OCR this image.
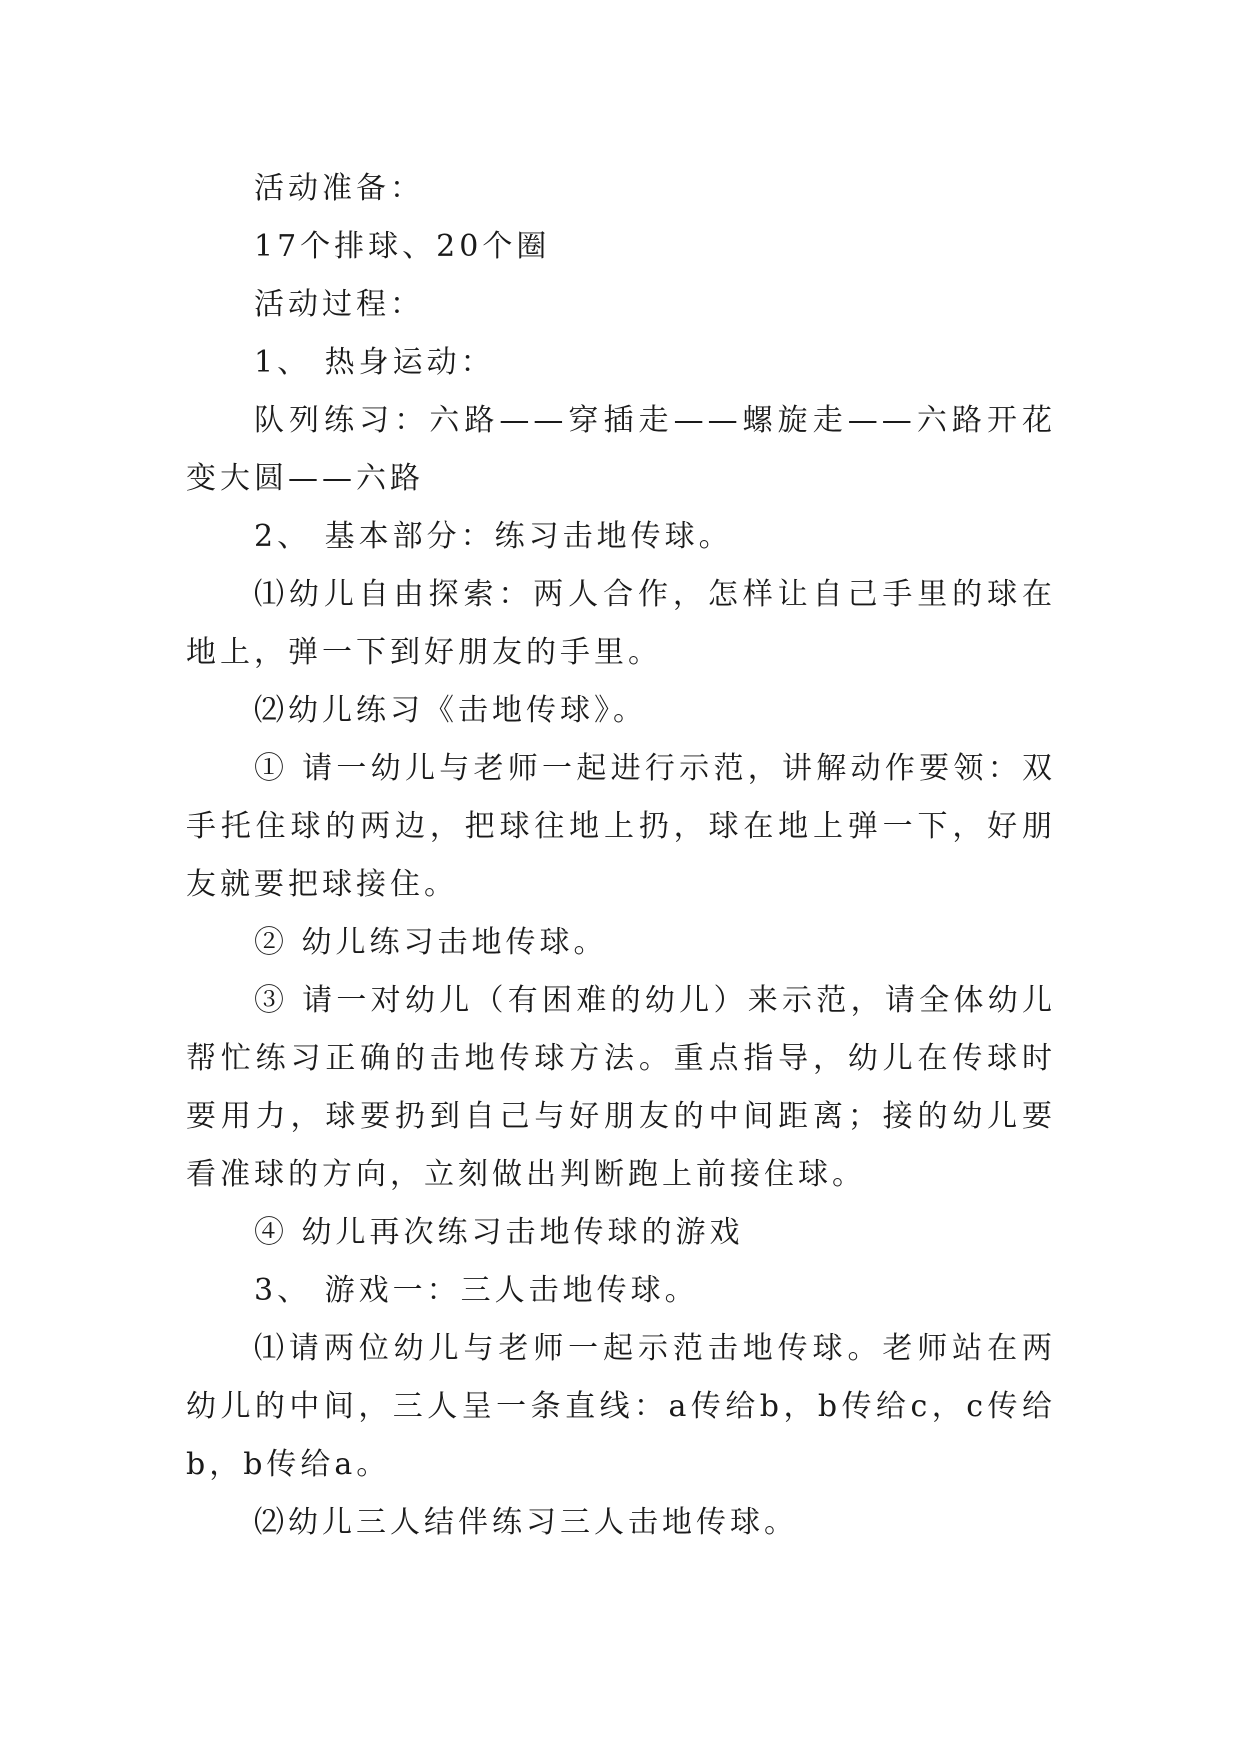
活动准备：

17个排球、20个圈

活动过程：

1、 热身运动：

队列练习：六路——穿插走——螺旋走——六路开花变大圆——六路

2、 基本部分：练习击地传球。

⑴幼儿自由探索：两人合作，怎样让自己手里的球在地上，弹一下到好朋友的手里。

⑵幼儿练习《击地传球》。

① 请一幼儿与老师一起进行示范，讲解动作要领：双手托住球的两边，把球往地上扔，球在地上弹一下，好朋友就要把球接住。

② 幼儿练习击地传球。

③ 请一对幼儿（有困难的幼儿）来示范，请全体幼儿帮忙练习正确的击地传球方法。重点指导，幼儿在传球时要用力，球要扔到自己与好朋友的中间距离；接的幼儿要看准球的方向，立刻做出判断跑上前接住球。

④ 幼儿再次练习击地传球的游戏

3、 游戏一：三人击地传球。

⑴请两位幼儿与老师一起示范击地传球。老师站在两幼儿的中间，三人呈一条直线：a传给b，b传给c，c传给b，b传给a。

⑵幼儿三人结伴练习三人击地传球。
